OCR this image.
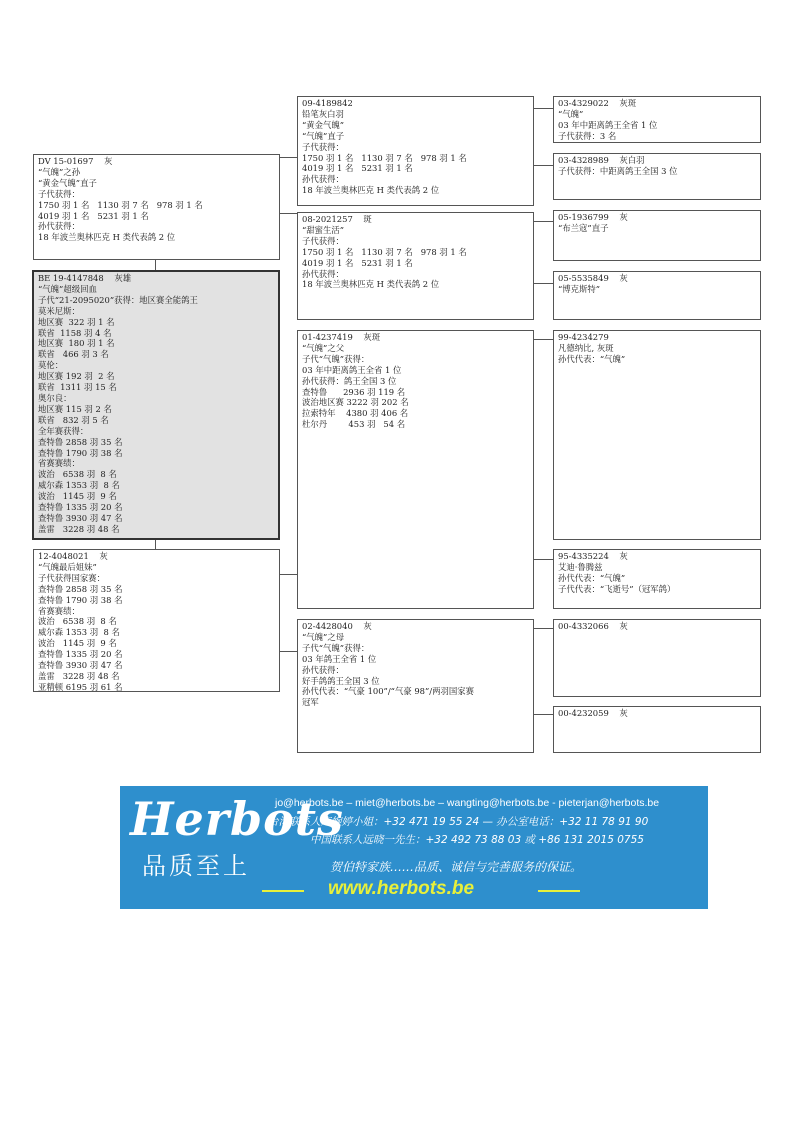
DV 15-01697    灰
“气魄”之孙
“黄金气魄”直子
子代获得：
1750 羽 1 名   1130 羽 7 名   978 羽 1 名
4019 羽 1 名   5231 羽 1 名
孙代获得：
18 年波兰奥林匹克 H 类代表鸽 2 位
BE 19-4147848    灰雄
“气魄”超级回血
子代“21-2095020”获得：地区赛全能鸽王
莫米尼斯：
地区赛  322 羽 1 名
联省  1158 羽 4 名
地区赛  180 羽 1 名
联省   466 羽 3 名
莫伦：
地区赛 192 羽  2 名
联省  1311 羽 15 名
奥尔良：
地区赛 115 羽 2 名
联省   832 羽 5 名
全年赛获得：
查特鲁 2858 羽 35 名
查特鲁 1790 羽 38 名
省赛赛绩：
波治   6538 羽  8 名
威尔森 1353 羽  8 名
波治   1145 羽  9 名
查特鲁 1335 羽 20 名
查特鲁 3930 羽 47 名
盖雷   3228 羽 48 名
12-4048021    灰
“气魄最后姐妹”
子代获得国家赛：
查特鲁 2858 羽 35 名
查特鲁 1790 羽 38 名
省赛赛绩：
波治   6538 羽  8 名
威尔森 1353 羽  8 名
波治   1145 羽  9 名
查特鲁 1335 羽 20 名
查特鲁 3930 羽 47 名
盖雷   3228 羽 48 名
亚精顿 6195 羽 61 名
09-4189842
铅笔灰白羽
“黄金气魄”
“气魄”直子
子代获得：
1750 羽 1 名   1130 羽 7 名   978 羽 1 名
4019 羽 1 名   5231 羽 1 名
孙代获得：
18 年波兰奥林匹克 H 类代表鸽 2 位
08-2021257    斑
“甜蜜生活”
子代获得：
1750 羽 1 名   1130 羽 7 名   978 羽 1 名
4019 羽 1 名   5231 羽 1 名
孙代获得：
18 年波兰奥林匹克 H 类代表鸽 2 位
01-4237419    灰斑
“气魄”之父
子代“气魄”获得：
03 年中距离鸽王全省 1 位
孙代获得：鸽王全国 3 位
查特鲁      2936 羽 119 名
波治地区赛 3222 羽 202 名
拉索特年    4380 羽 406 名
杜尔丹        453 羽   54 名
02-4428040    灰
“气魄”之母
子代“气魄”获得：
03 年鸽王全省 1 位
孙代获得：
好手鸽鸽王全国 3 位
孙代代表：“气豪 100”/“气豪 98”/两羽国家赛
冠军
03-4329022    灰斑
“气魄”
03 年中距离鸽王全省 1 位
子代获得：3 名
03-4328989    灰白羽
子代获得：中距离鸽王全国 3 位
05-1936799    灰
“布兰寇”直子
05-5535849    灰
“博克斯特”
99-4234279
凡德纳比, 灰斑
孙代代表：“气魄”
95-4335224    灰
艾迪·鲁腾兹
孙代代表：“气魄”
子代代表：“飞逝号”（冠军鸽）
00-4332066    灰
00-4232059    灰
Herbots
品质至上
jo@herbots.be – miet@herbots.be – wangting@herbots.be - pieterjan@herbots.be
台湾联系人卢婉婷小姐：+32 471 19 55 24 — 办公室电话：+32 11 78 91 90
中国联系人远晓一先生：+32 492 73 88 03 或 +86 131 2015 0755
贺伯特家族……品质、诚信与完善服务的保证。
www.herbots.be
